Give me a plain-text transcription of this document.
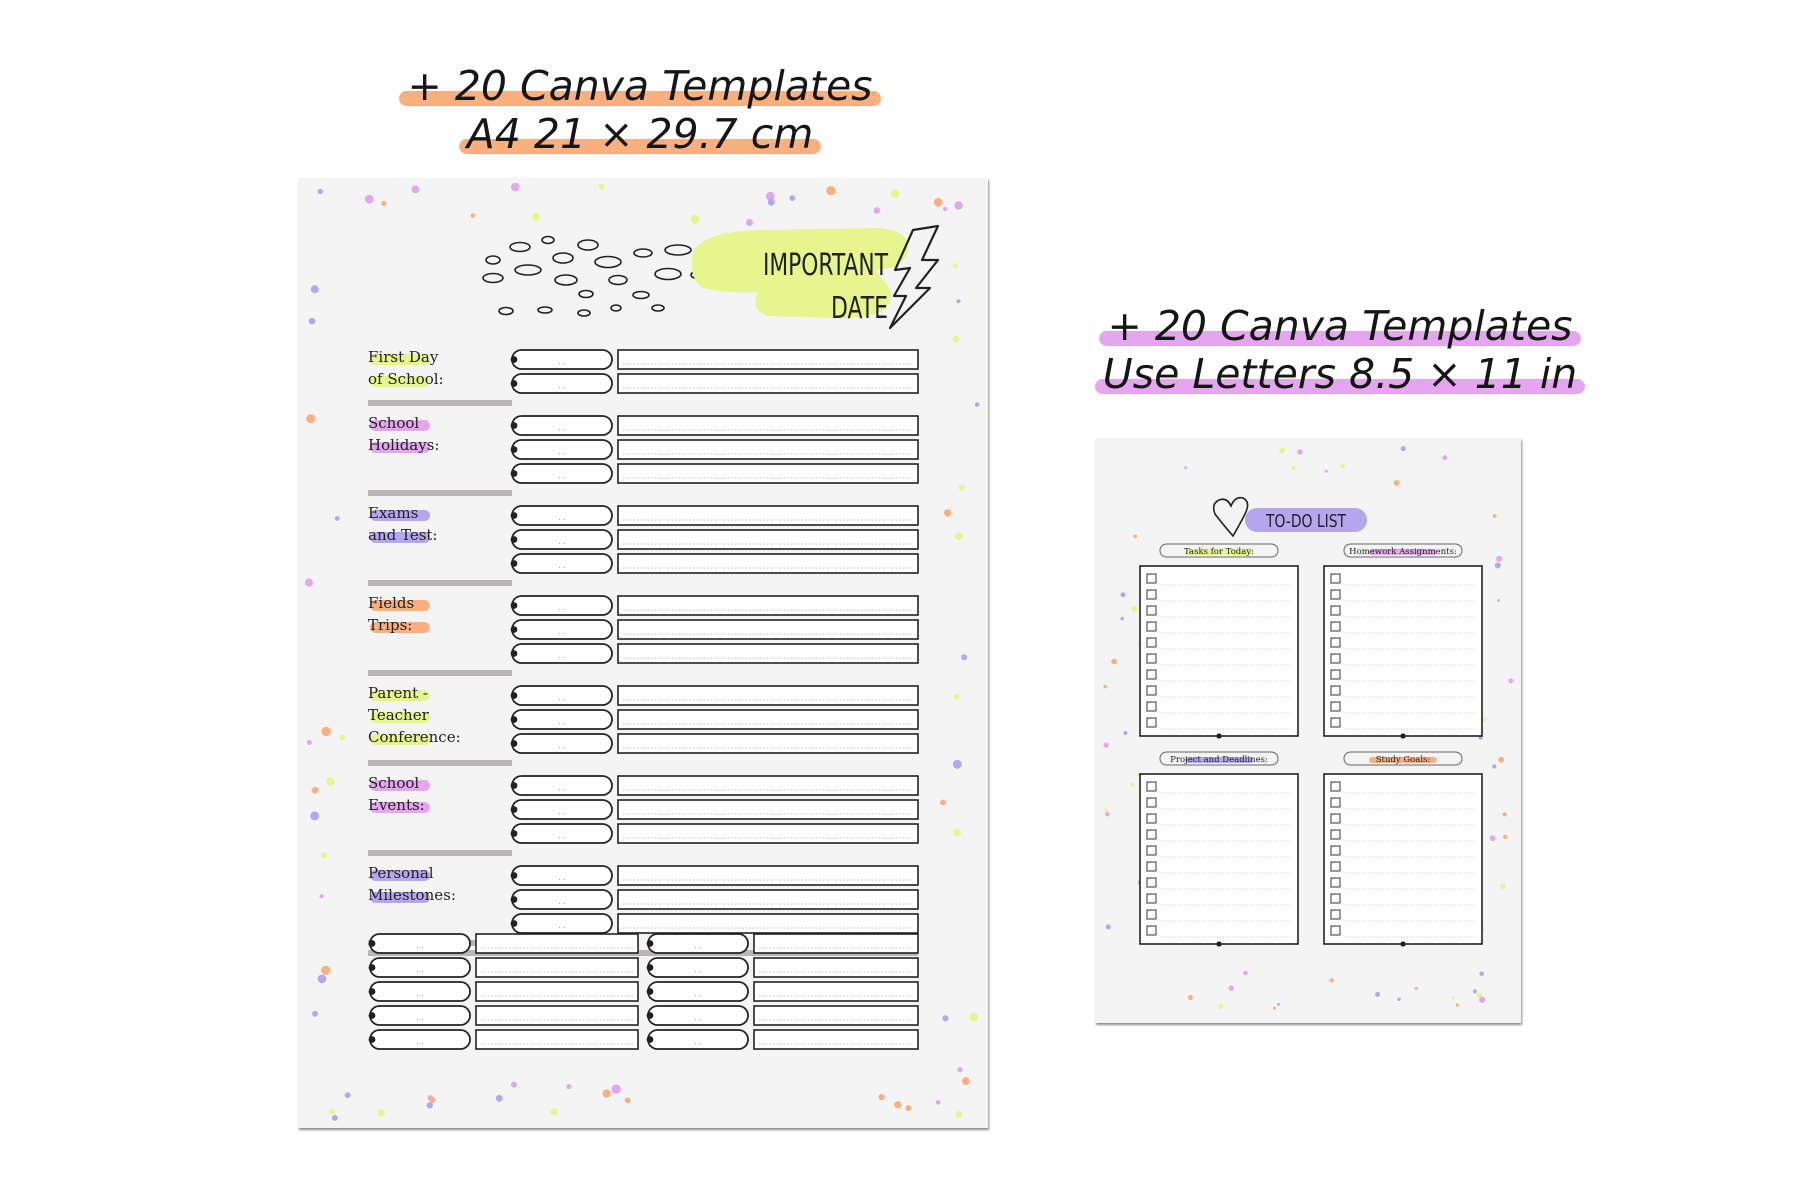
+ 20 Canva Templates
A4 21 × 29.7 cm
+ 20 Canva Templates
Use Letters 8.5 × 11 in
IMPORTANT
DATE
First Day
of School:
. .
. .
School
Holidays:
. .
. .
. .
Exams
and Test:
. .
. .
. .
Fields
Trips:
. .
. .
. .
Parent -
Teacher
Conference:
. .
. .
. .
School
Events:
. .
. .
. .
Personal
Milestones:
. .
. .
. .
. .	. .
. .	. .
. .	. .
. .	. .
. .	. .
TO-DO LIST
Tasks for Today:	Homework Assignments:
Project and Deadlines:	Study Goals:
